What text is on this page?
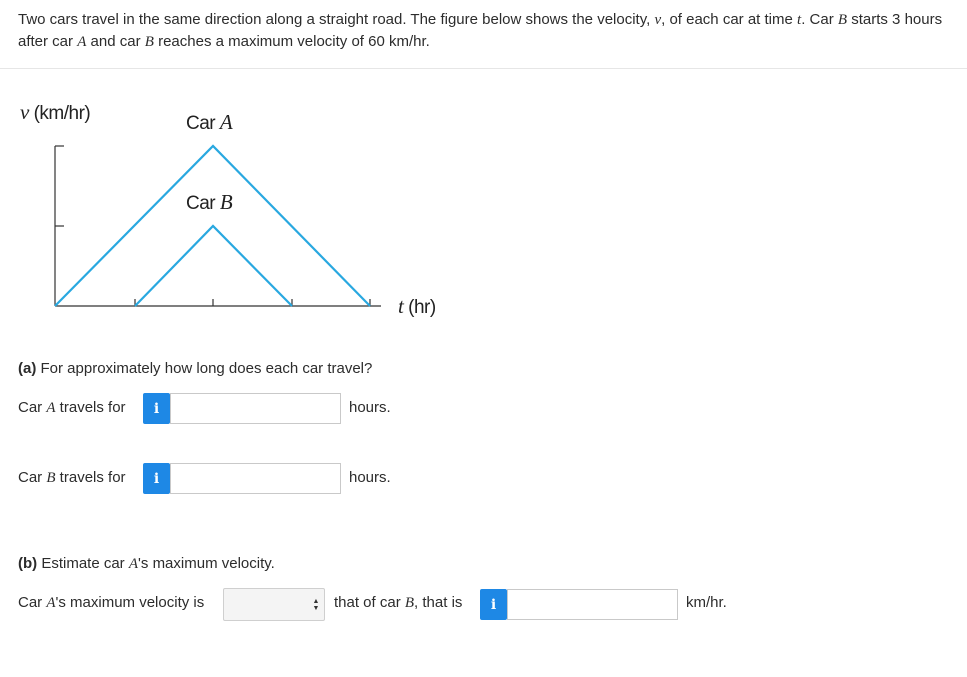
Two cars travel in the same direction along a straight road. The figure below shows the velocity, v, of each car at time t. Car B starts 3 hours after car A and car B reaches a maximum velocity of 60 km/hr.
v (km/hr)	Car A
Car B
t (hr)
(a) For approximately how long does each car travel?
Car A travels for	i	hours.
Car B travels for	i	hours.
(b) Estimate car A's maximum velocity.
Car A's maximum velocity is	▲
▼ that of car B, that is	i	km/hr.
